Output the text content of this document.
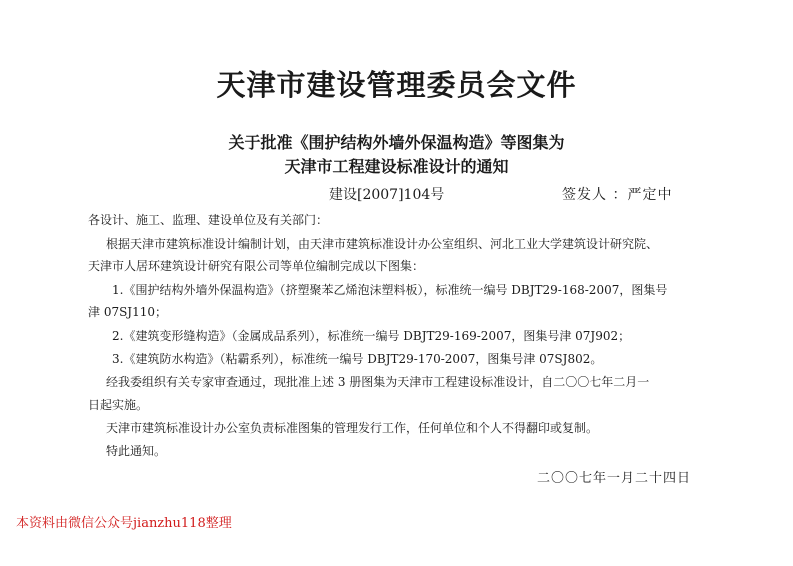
天津市建设管理委员会文件
关于批准《围护结构外墙外保温构造》等图集为
天津市工程建设标准设计的通知
建设[2007]104号	签发人 ：严定中
各设计、施工、监理、建设单位及有关部门：
根据天津市建筑标准设计编制计划，由天津市建筑标准设计办公室组织、河北工业大学建筑设计研究院、
天津市人居环建筑设计研究有限公司等单位编制完成以下图集：
1.《围护结构外墙外保温构造》（挤塑聚苯乙烯泡沫塑料板），标准统一编号 DBJT29-168-2007，图集号
津 07SJ110；
2.《建筑变形缝构造》（金属成品系列），标准统一编号 DBJT29-169-2007，图集号津 07J902；
3.《建筑防水构造》（粘霸系列），标准统一编号 DBJT29-170-2007，图集号津 07SJ802。
经我委组织有关专家审查通过，现批准上述 3 册图集为天津市工程建设标准设计，自二〇〇七年二月一
日起实施。
天津市建筑标准设计办公室负责标准图集的管理发行工作，任何单位和个人不得翻印或复制。
特此通知。
二〇〇七年一月二十四日
本资料由微信公众号jianzhu118整理
